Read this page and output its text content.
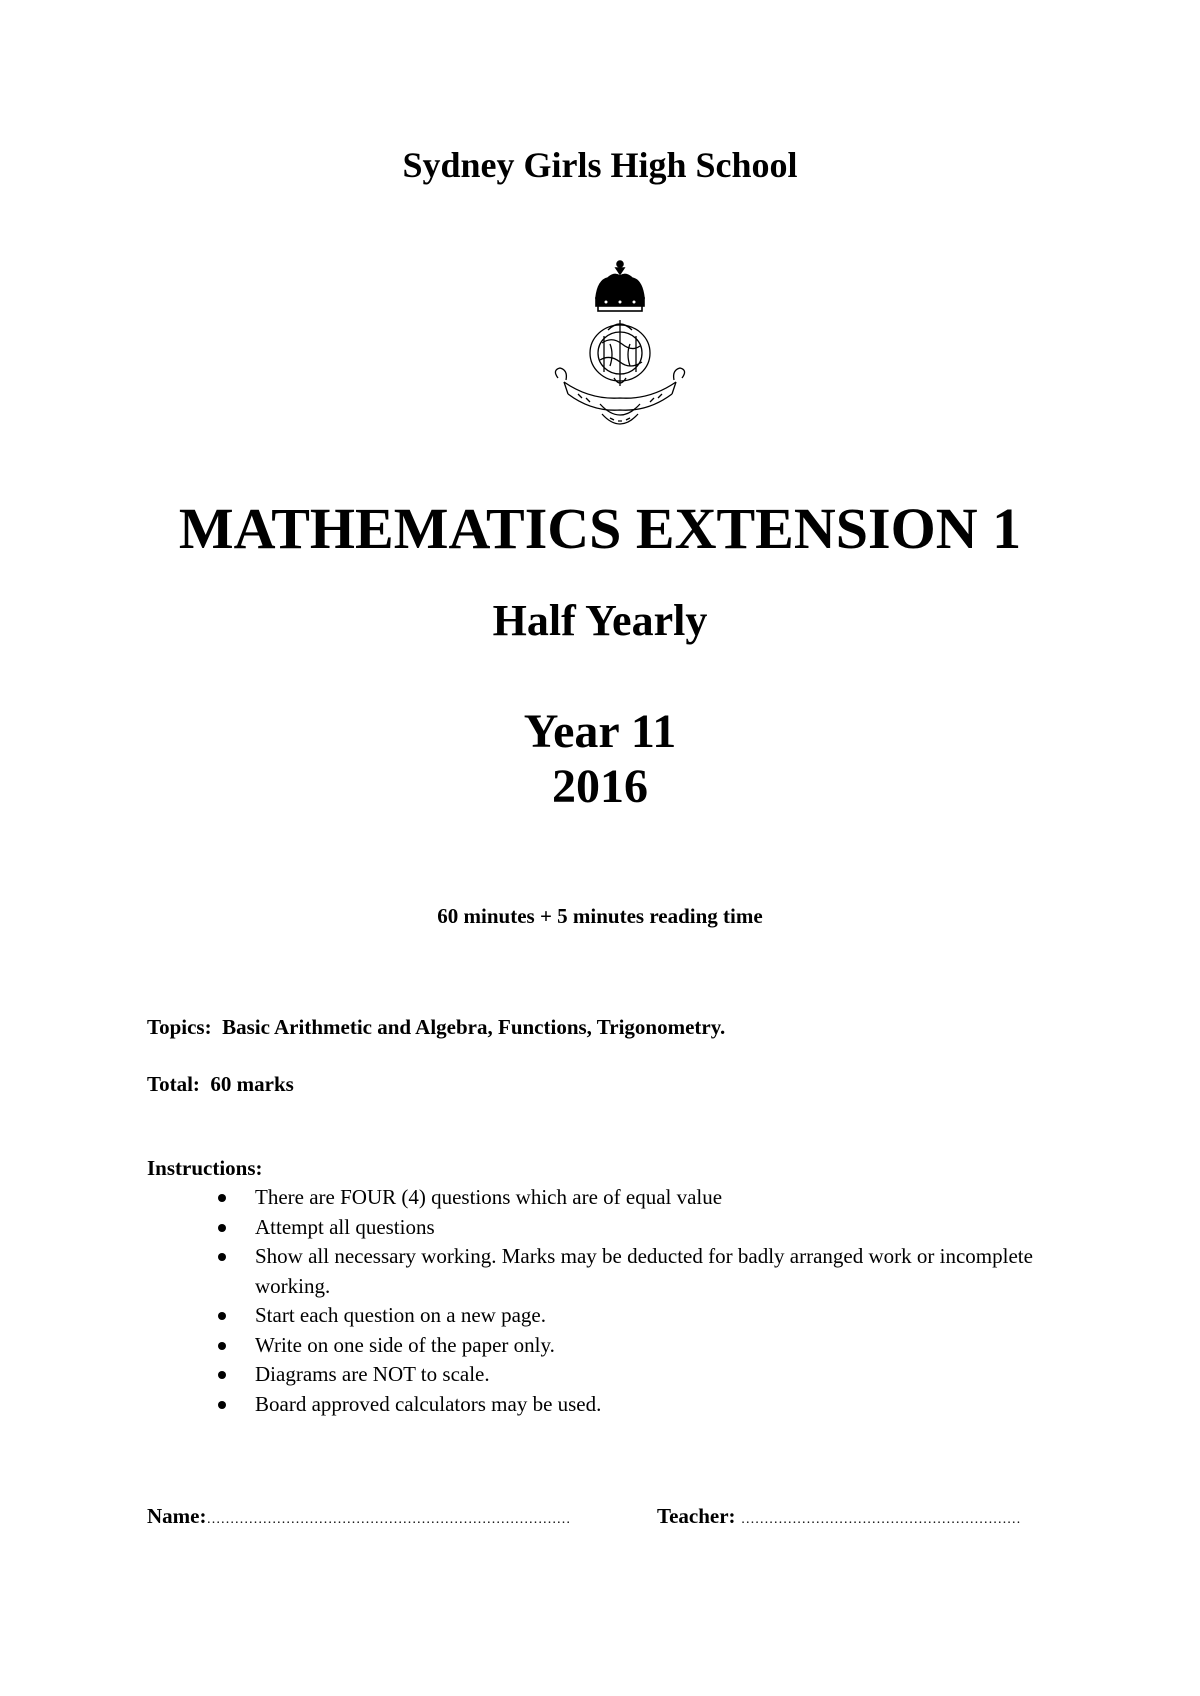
Sydney Girls High School
MATHEMATICS EXTENSION 1
Half Yearly
Year 11
2016
60 minutes + 5 minutes reading time
Topics: Basic Arithmetic and Algebra, Functions, Trigonometry.
Total: 60 marks
Instructions:
There are FOUR (4) questions which are of equal value
Attempt all questions
Show all necessary working. Marks may be deducted for badly arranged work or incomplete working.
Start each question on a new page.
Write on one side of the paper only.
Diagrams are NOT to scale.
Board approved calculators may be used.
Name:……………………………………………………………………	Teacher: ……………………………………………………
